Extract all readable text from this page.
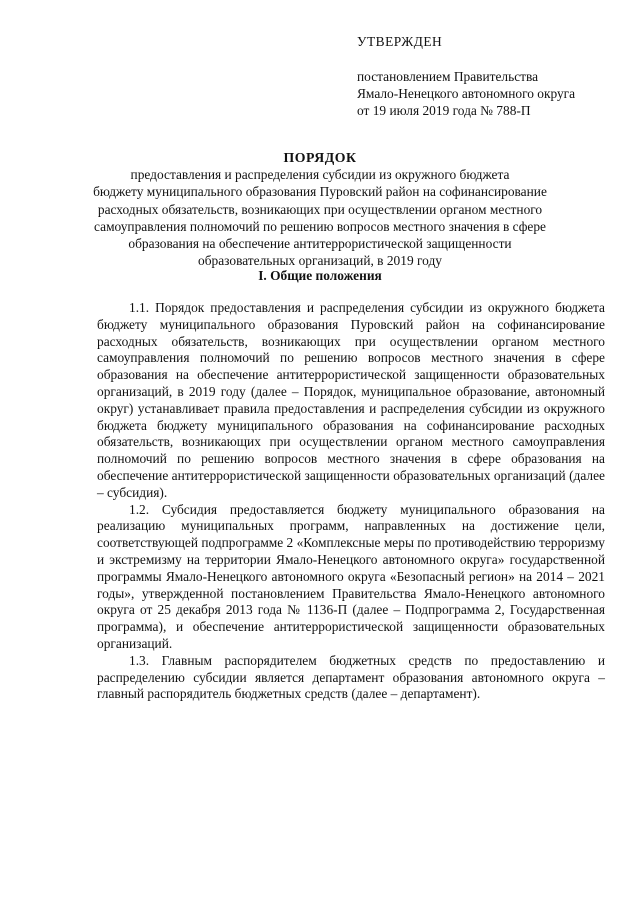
УТВЕРЖДЕН
постановлением Правительства
Ямало-Ненецкого автономного округа
от 19 июля 2019 года № 788-П
ПОРЯДОК
предоставления и распределения субсидии из окружного бюджета
бюджету муниципального образования Пуровский район на софинансирование
расходных обязательств, возникающих при осуществлении органом местного
самоуправления полномочий по решению вопросов местного значения в сфере
образования на обеспечение антитеррористической защищенности
образовательных организаций, в 2019 году
I. Общие положения

1.1. Порядок предоставления и распределения субсидии из окружного бюджета бюджету муниципального образования Пуровский район на софинансирование расходных обязательств, возникающих при осуществлении органом местного самоуправления полномочий по решению вопросов местного значения в сфере образования на обеспечение антитеррористической защищенности образовательных организаций, в 2019 году (далее – Порядок, муниципальное образование, автономный округ) устанавливает правила предоставления и распределения субсидии из окружного бюджета бюджету муниципального образования на софинансирование расходных обязательств, возникающих при осуществлении органом местного самоуправления полномочий по решению вопросов местного значения в сфере образования на обеспечение антитеррористической защищенности образовательных организаций (далее – субсидия).

1.2. Субсидия предоставляется бюджету муниципального образования на реализацию муниципальных программ, направленных на достижение цели, соответствующей подпрограмме 2 «Комплексные меры по противодействию терроризму и экстремизму на территории Ямало-Ненецкого автономного округа» государственной программы Ямало-Ненецкого автономного округа «Безопасный регион» на 2014 – 2021 годы», утвержденной постановлением Правительства Ямало-Ненецкого автономного округа от 25 декабря 2013 года № 1136-П (далее – Подпрограмма 2, Государственная программа), и обеспечение антитеррористической защищенности образовательных организаций.

1.3. Главным распорядителем бюджетных средств по предоставлению и распределению субсидии является департамент образования автономного округа – главный распорядитель бюджетных средств (далее – департамент).
